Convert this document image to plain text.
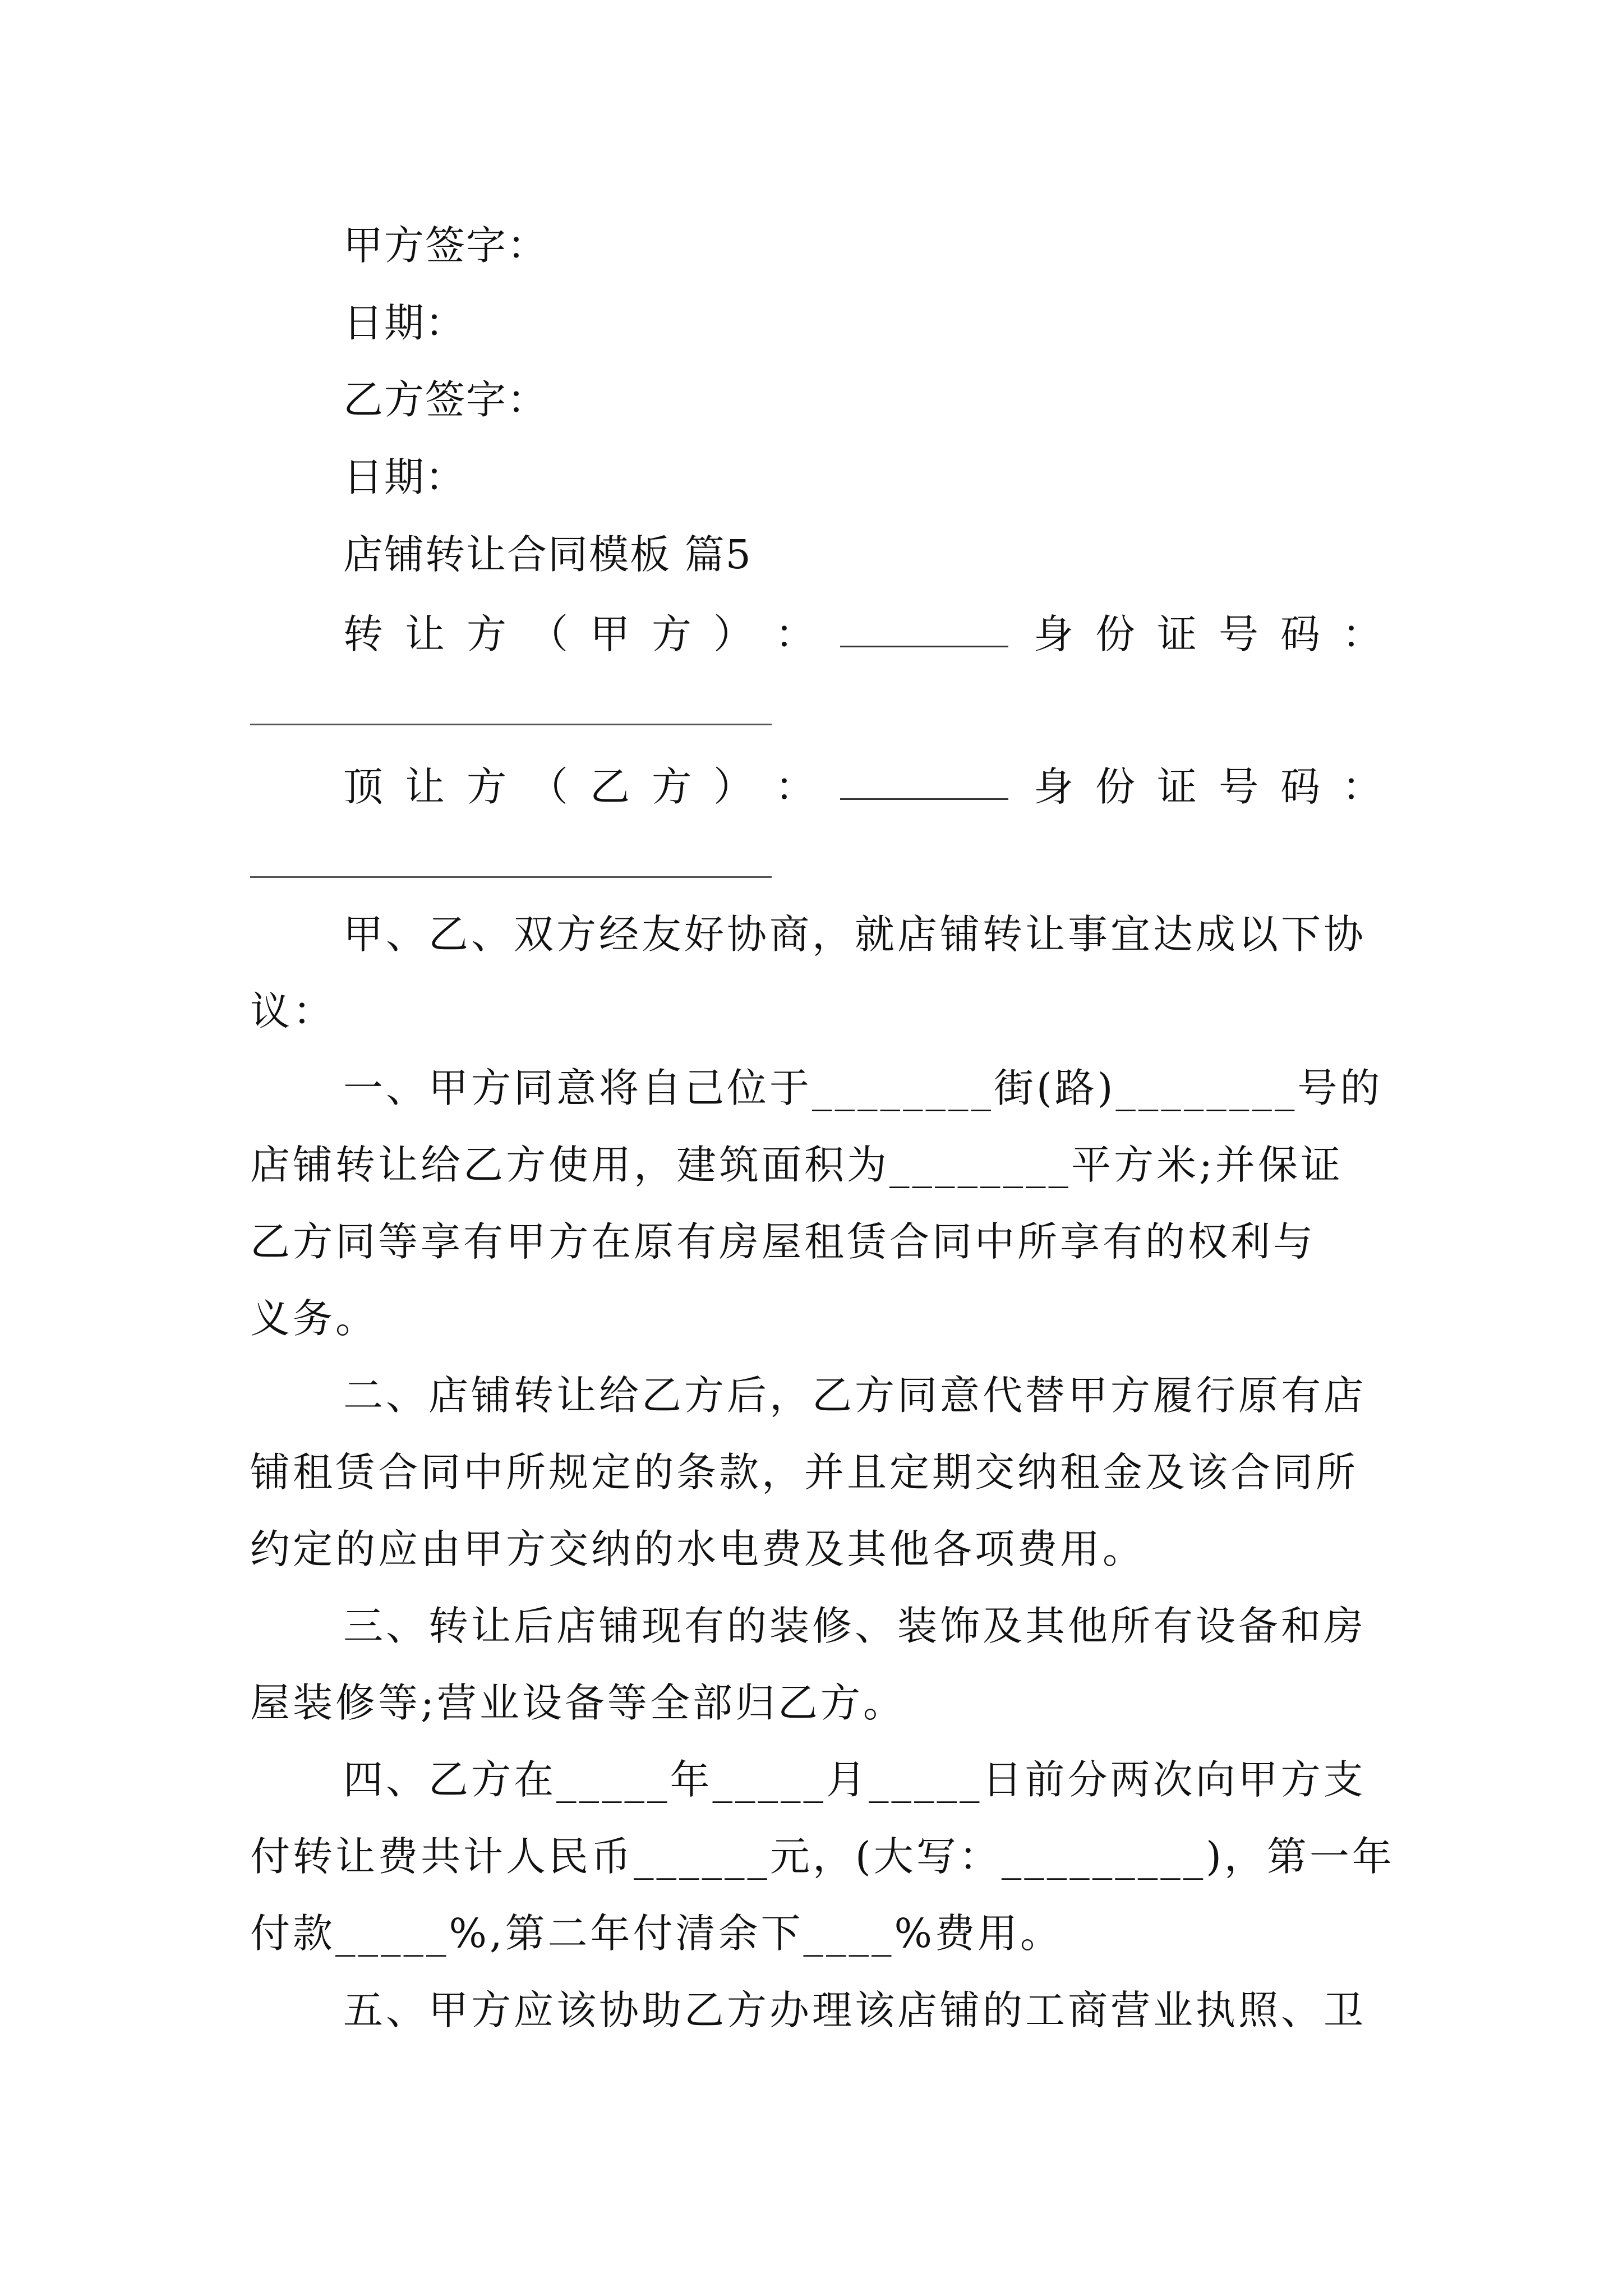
甲方签字：
日期：
乙方签字：
日期：
店铺转让合同模板 篇5
转 让 方 （ 甲 方 ） ：	身 份 证 号 码 ：
顶 让 方 （ 乙 方 ） ：	身 份 证 号 码 ：
甲、乙、双方经友好协商，就店铺转让事宜达成以下协
议：
一、甲方同意将自己位于________街(路)________号的
店铺转让给乙方使用，建筑面积为________平方米;并保证
乙方同等享有甲方在原有房屋租赁合同中所享有的权利与
义务。
二、店铺转让给乙方后，乙方同意代替甲方履行原有店
铺租赁合同中所规定的条款，并且定期交纳租金及该合同所
约定的应由甲方交纳的水电费及其他各项费用。
三、转让后店铺现有的装修、装饰及其他所有设备和房
屋装修等;营业设备等全部归乙方。
四、乙方在_____年_____月_____日前分两次向甲方支
付转让费共计人民币______元，(大写：_________)，第一年
付款_____%,第二年付清余下____%费用。
五、甲方应该协助乙方办理该店铺的工商营业执照、卫
